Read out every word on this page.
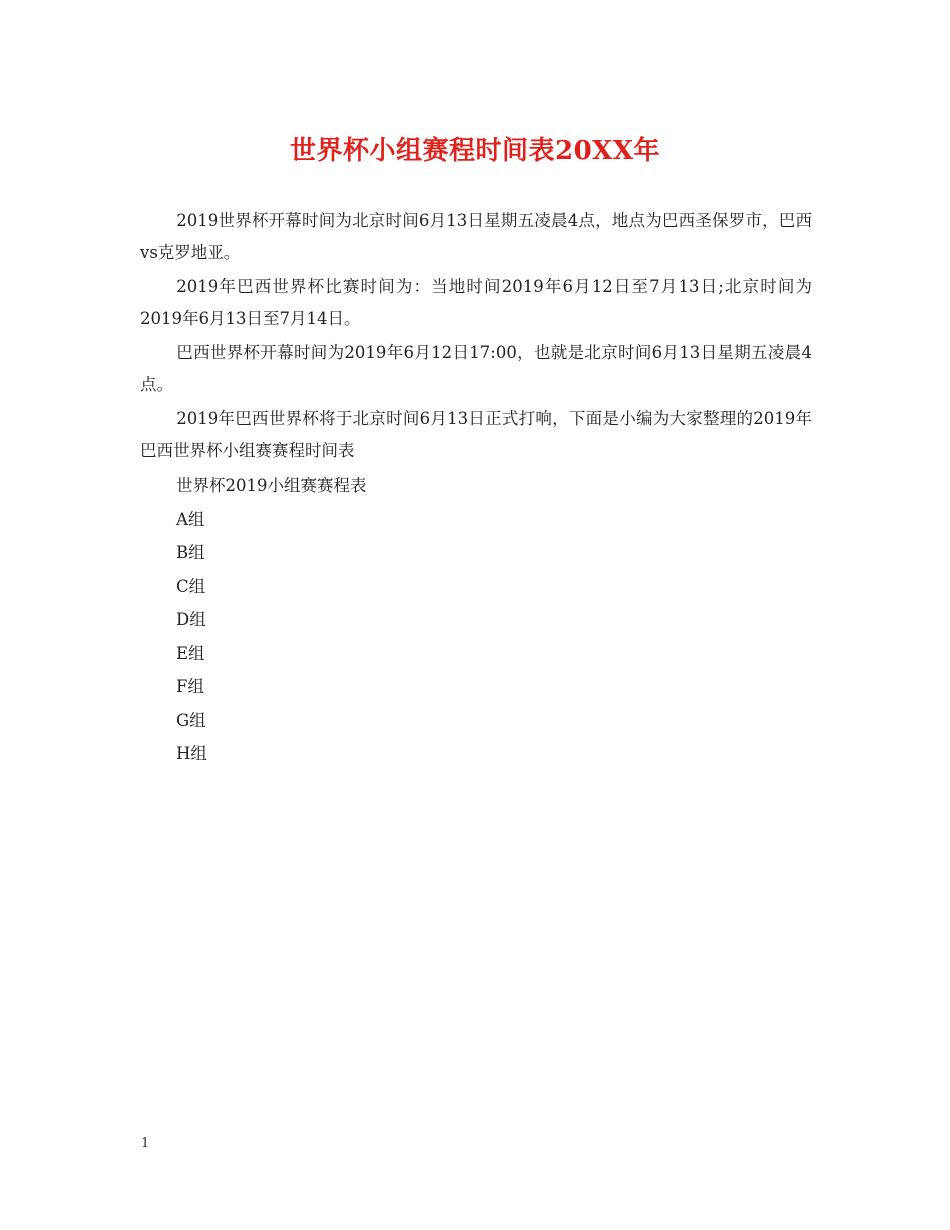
世界杯小组赛程时间表20XX年

2019世界杯开幕时间为北京时间6月13日星期五凌晨4点，地点为巴西圣保罗市，巴西vs克罗地亚。

2019年巴西世界杯比赛时间为：当地时间2019年6月12日至7月13日;北京时间为2019年6月13日至7月14日。

巴西世界杯开幕时间为2019年6月12日17:00，也就是北京时间6月13日星期五凌晨4点。

2019年巴西世界杯将于北京时间6月13日正式打响，下面是小编为大家整理的2019年巴西世界杯小组赛赛程时间表

世界杯2019小组赛赛程表

A组

B组

C组

D组

E组

F组

G组

H组

1
